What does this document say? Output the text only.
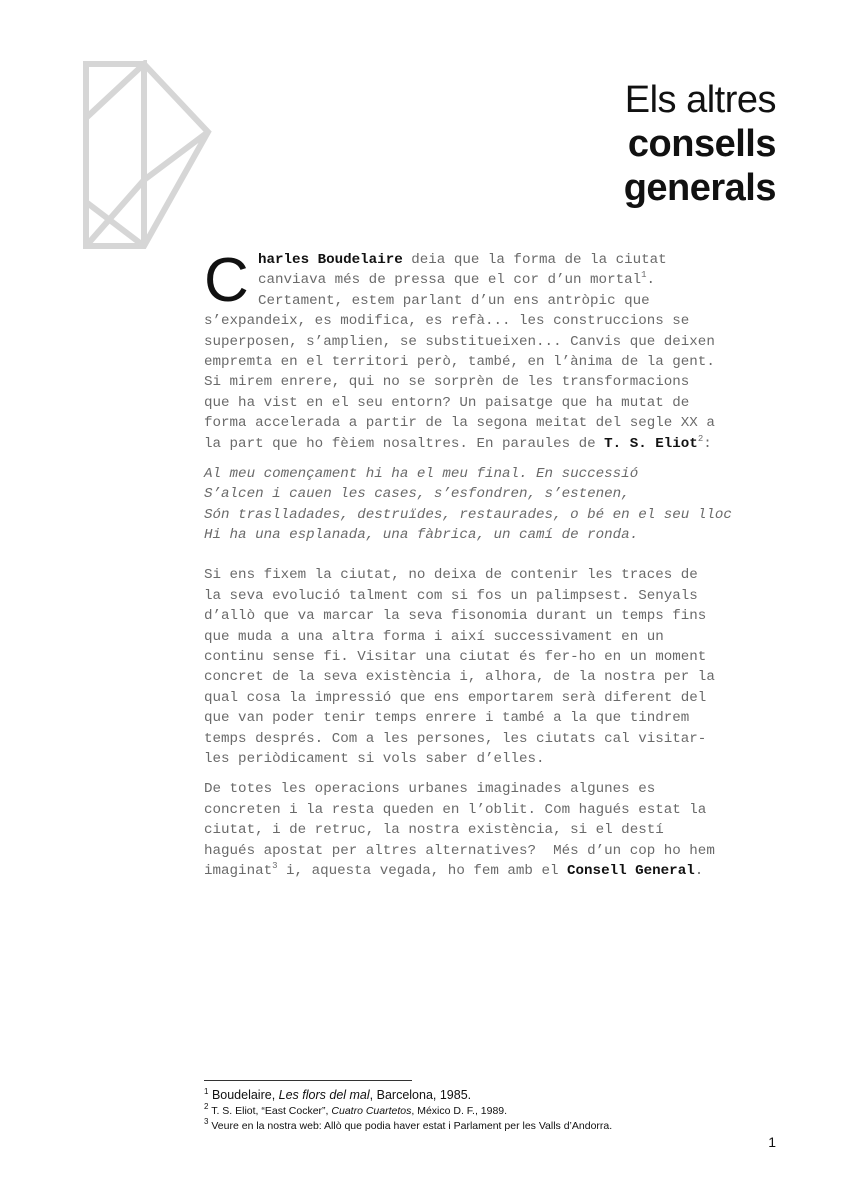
Els altres
consells
generals
C harles Boudelaire deia que la forma de la ciutat
canviava més de pressa que el cor d’un mortal$^1$.
Certament, estem parlant d’un ens antròpic que
s’expandeix, es modifica, es refà... les construccions se
superposen, s’amplien, se substitueixen... Canvis que deixen
empremta en el territori però, també, en l’ànima de la gent.
Si mirem enrere, qui no se sorprèn de les transformacions
que ha vist en el seu entorn? Un paisatge que ha mutat de
forma accelerada a partir de la segona meitat del segle XX a
la part que ho fèiem nosaltres. En paraules de T. S. Eliot$^2$:
Al meu començament hi ha el meu final. En successió
S’alcen i cauen les cases, s’esfondren, s’estenen,
Són traslladades, destruïdes, restaurades, o bé en el seu lloc
Hi ha una esplanada, una fàbrica, un camí de ronda.
Si ens fixem la ciutat, no deixa de contenir les traces de
la seva evolució talment com si fos un palimpsest. Senyals
d’allò que va marcar la seva fisonomia durant un temps fins
que muda a una altra forma i així successivament en un
continu sense fi. Visitar una ciutat és fer-ho en un moment
concret de la seva existència i, alhora, de la nostra per la
qual cosa la impressió que ens emportarem serà diferent del
que van poder tenir temps enrere i també a la que tindrem
temps després. Com a les persones, les ciutats cal visitar-
les periòdicament si vols saber d’elles.
De totes les operacions urbanes imaginades algunes es
concreten i la resta queden en l’oblit. Com hagués estat la
ciutat, i de retruc, la nostra existència, si el destí
hagués apostat per altres alternatives?  Més d’un cop ho hem
imaginat$^3$ i, aquesta vegada, ho fem amb el Consell General.
$^1$ Boudelaire, Les flors del mal, Barcelona, 1985.
$^2$ T. S. Eliot, “East Cocker”, Cuatro Cuartetos, México D. F., 1989.
$^3$ Veure en la nostra web: Allò que podia haver estat i Parlament per les Valls d’Andorra.
1
